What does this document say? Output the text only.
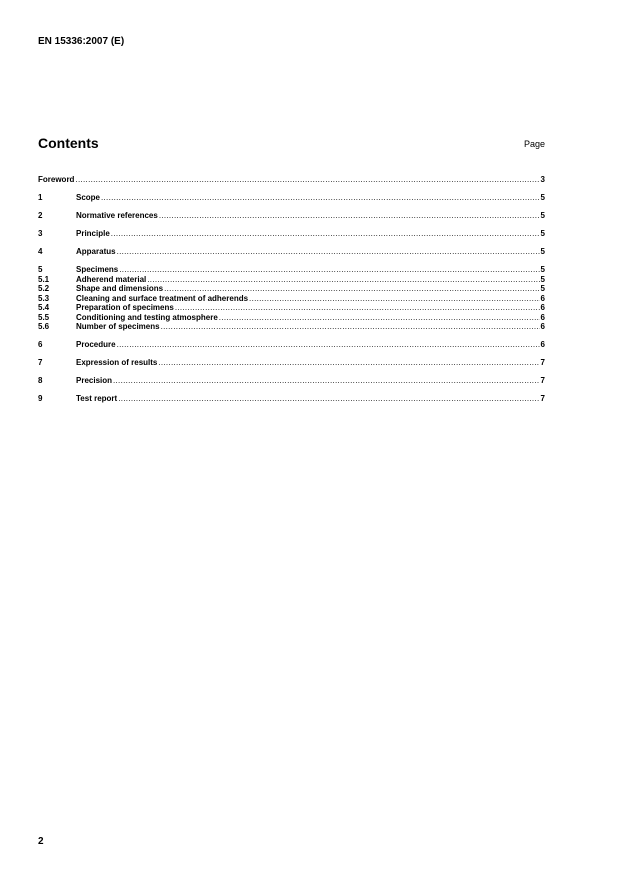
EN 15336:2007 (E)
Contents	Page
Foreword .....	3
1	Scope .....	5
2	Normative references .....	5
3	Principle .....	5
4	Apparatus .....	5
5	Specimens .....	5
5.1	Adherend material .....	5
5.2	Shape and dimensions .....	5
5.3	Cleaning and surface treatment of adherends .....	6
5.4	Preparation of specimens .....	6
5.5	Conditioning and testing atmosphere .....	6
5.6	Number of specimens .....	6
6	Procedure .....	6
7	Expression of results .....	7
8	Precision .....	7
9	Test report .....	7
2
